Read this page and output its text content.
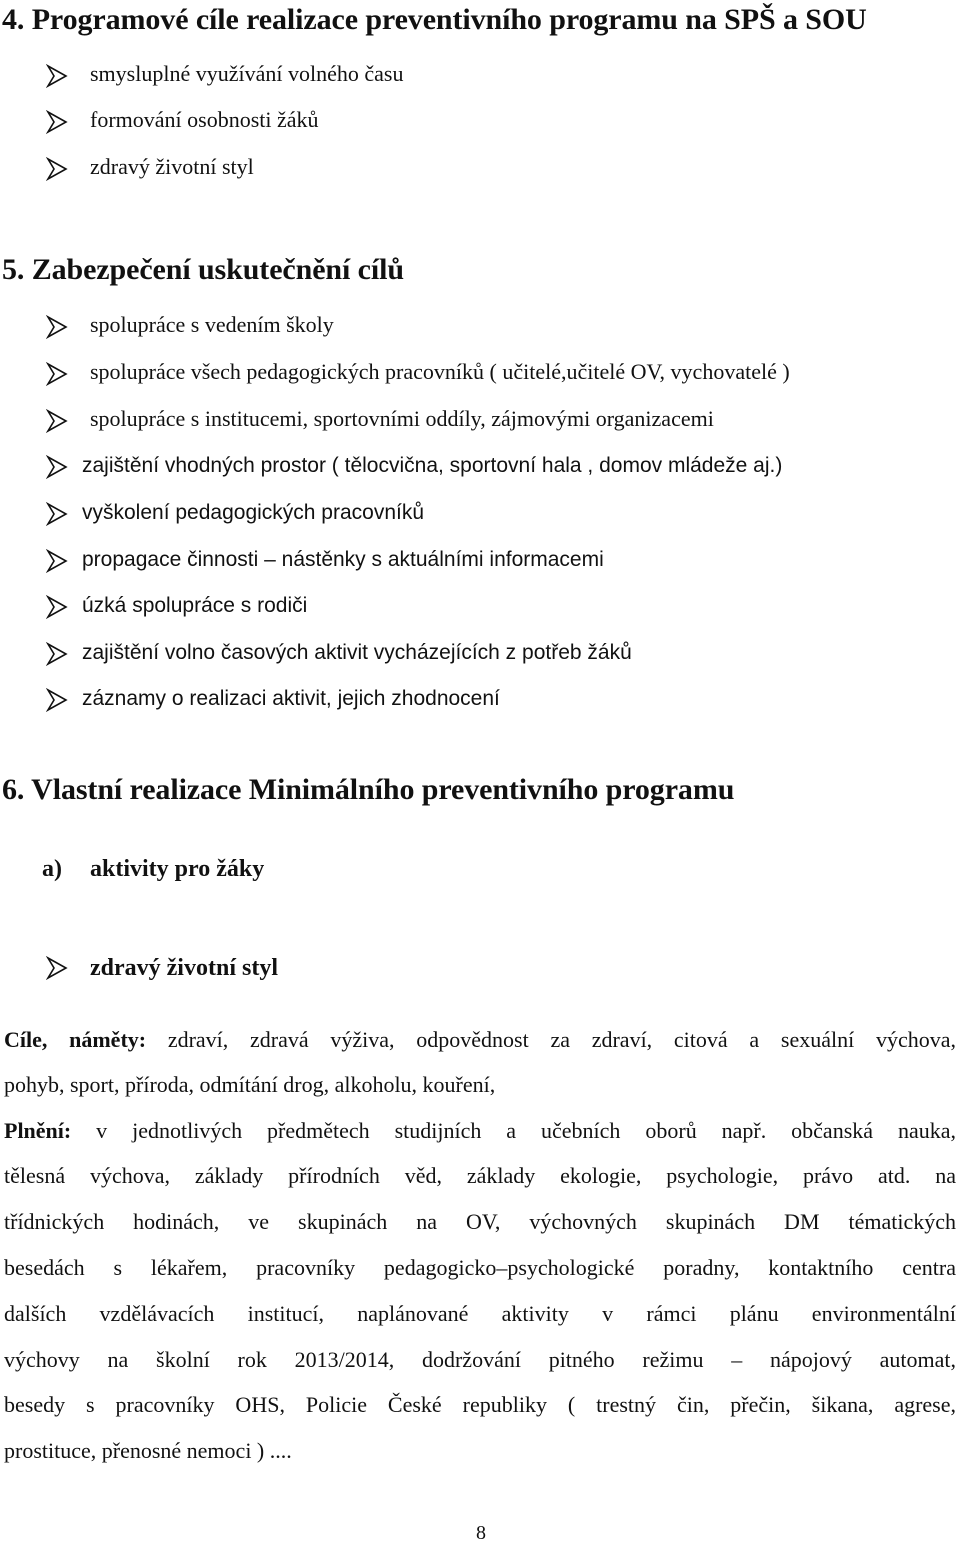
4. Programové cíle realizace preventivního programu na SPŠ a SOU
smysluplné využívání volného času
formování osobnosti žáků
zdravý životní styl
5. Zabezpečení uskutečnění cílů
spolupráce s vedením školy
spolupráce všech pedagogických pracovníků ( učitelé,učitelé OV, vychovatelé )
spolupráce s institucemi, sportovními oddíly, zájmovými organizacemi
zajištění vhodných prostor ( tělocvična, sportovní hala , domov mládeže aj.)
vyškolení pedagogických pracovníků
propagace činnosti – nástěnky s aktuálními informacemi
úzká spolupráce s rodiči
zajištění volno časových aktivit vycházejících z potřeb žáků
záznamy o realizaci aktivit, jejich zhodnocení
6. Vlastní realizace Minimálního preventivního programu
a) aktivity pro žáky
zdravý životní styl
Cíle, náměty: zdraví, zdravá výživa, odpovědnost za zdraví, citová a sexuální výchova,
pohyb, sport, příroda, odmítání drog, alkoholu, kouření,
Plnění: v jednotlivých předmětech studijních a učebních oborů např. občanská nauka,
tělesná výchova, základy přírodních věd, základy ekologie, psychologie, právo atd. na
třídnických hodinách, ve skupinách na OV, výchovných skupinách DM tématických
besedách s lékařem, pracovníky pedagogicko–psychologické poradny, kontaktního centra
dalších vzdělávacích institucí, naplánované aktivity v rámci plánu environmentální
výchovy na školní rok 2013/2014, dodržování pitného režimu – nápojový automat,
besedy s pracovníky OHS, Policie České republiky ( trestný čin, přečin, šikana, agrese,
prostituce, přenosné nemoci ) ....
8
